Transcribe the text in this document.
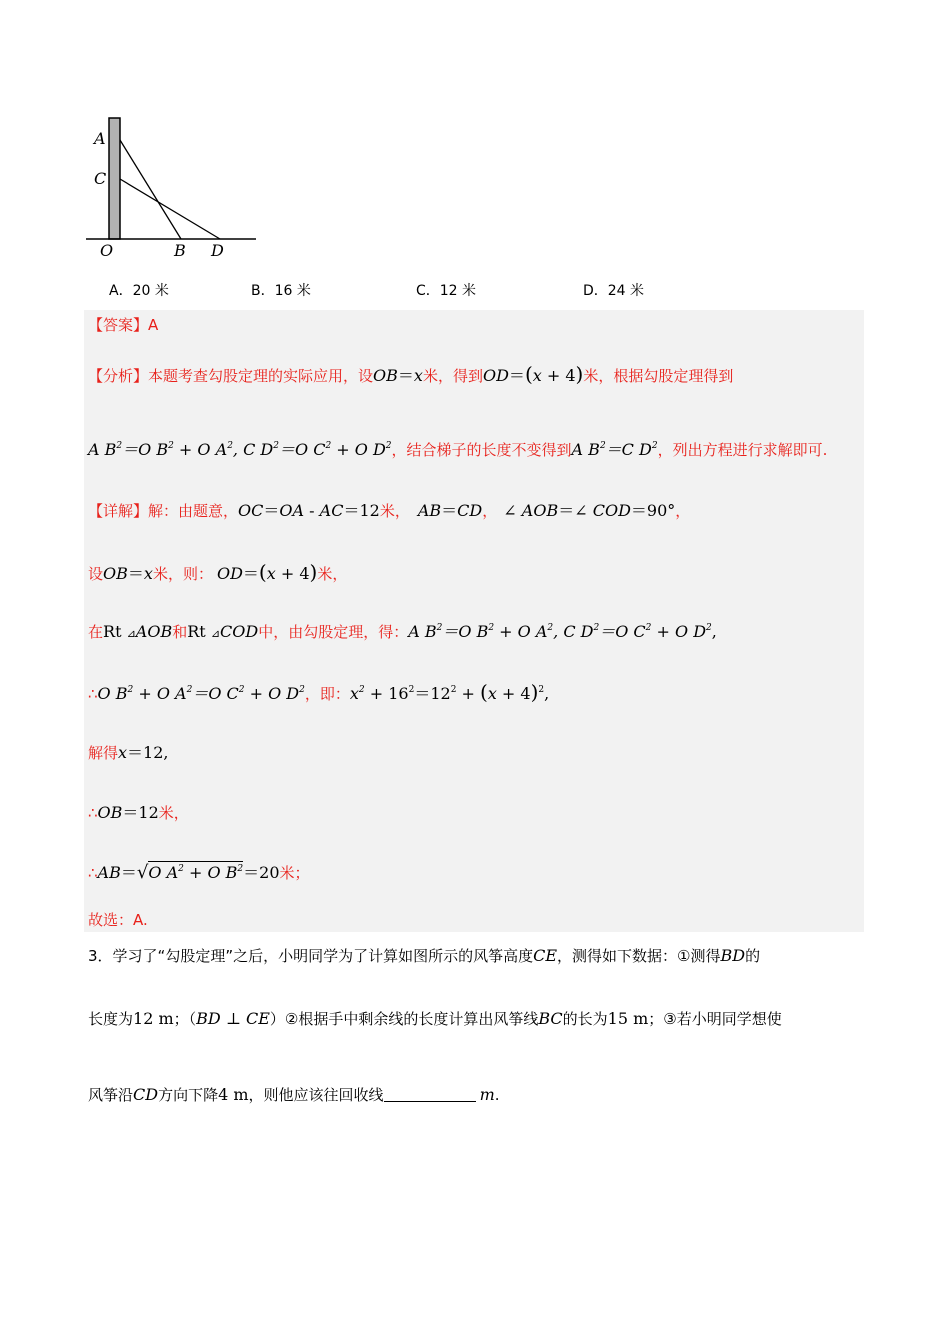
A
C
O	B D
A．20 米	B．16 米	C．12 米	D．24 米
【答案】A
【分析】本题考查勾股定理的实际应用，设OB＝x米，得到OD＝(x + 4)米，根据勾股定理得到
A $B^2=O$ $B^2 + O$ $A^2$, C $D^2=O$ $C^2 + O$ $D^2$，结合梯子的长度不变得到A $B^2=C$ $D^2$，列出方程进行求解即可.
【详解】解：由题意，OC＝OA - AC＝12米， AB＝CD， ∠ AOB＝∠ COD＝90°，
设OB＝x米，则： OD＝(x + 4)米，
在Rt ⊿AOB和Rt ⊿COD中，由勾股定理，得：A $B^2=O$ $B^2 + O$ $A^2$, C $D^2=O$ $C^2 + O$ $D^2$,
∴O $B^2 + O$ $A^2=O$ $C^2 + O$ $D^2$，即：$x^2 + 16^2=12^2 + (x + 4)^2$,
解得x＝12,
∴OB＝12米，
∴AB＝√O $A^2 + O$ $B^2=20$米；
故选：A.
3．学习了“勾股定理”之后，小明同学为了计算如图所示的风筝高度CE，测得如下数据：①测得BD的
长度为12 m；（BD ⊥ CE）②根据手中剩余线的长度计算出风筝线BC的长为15 m；③若小明同学想使
风筝沿CD方向下降4 m，则他应该往回收线	m.
